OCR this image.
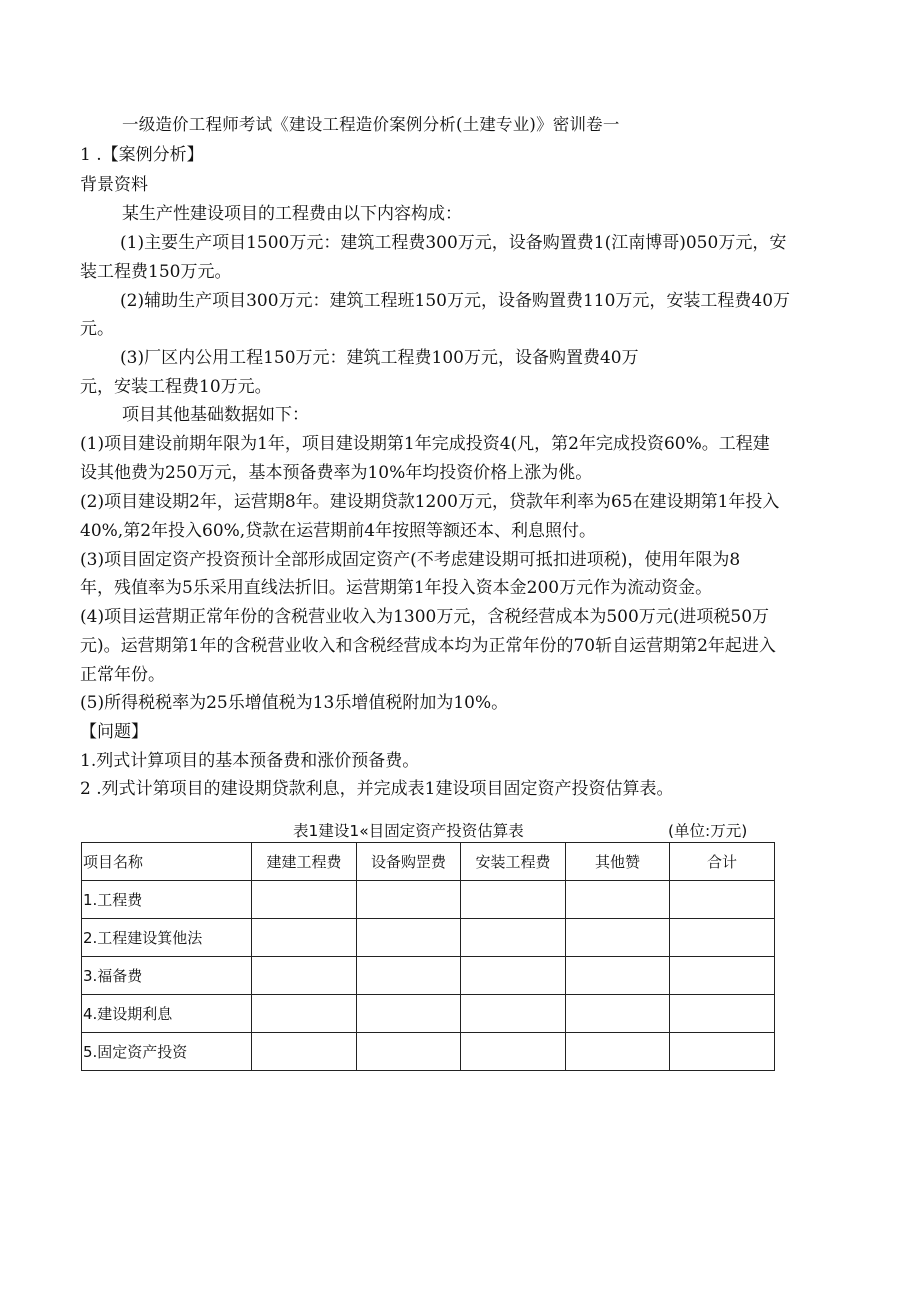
一级造价工程师考试《建设工程造价案例分析(土建专业)》密训卷一
1 .【案例分析】
背景资料
某生产性建设项目的工程费由以下内容构成：
(1)主要生产项目1500万元：建筑工程费300万元，设备购置费1(江南博哥)050万元，安
装工程费150万元。
(2)辅助生产项目300万元：建筑工程班150万元，设备购置费110万元，安装工程费40万
元。
(3)厂区内公用工程150万元：建筑工程费100万元，设备购置费40万
元，安装工程费10万元。
项目其他基础数据如下：
(1)项目建设前期年限为1年，项目建设期第1年完成投资4(凡，第2年完成投资60%。工程建
设其他费为250万元，基本预备费率为10%年均投资价格上涨为佻。
(2)项目建设期2年，运营期8年。建设期贷款1200万元，贷款年利率为65在建设期第1年投入
40%,第2年投入60%,贷款在运营期前4年按照等额还本、利息照付。
(3)项目固定资产投资预计全部形成固定资产(不考虑建设期可抵扣进项税)，使用年限为8
年，残值率为5乐采用直线法折旧。运营期第1年投入资本金200万元作为流动资金。
(4)项目运营期正常年份的含税营业收入为1300万元，含税经营成本为500万元(进项税50万
元)。运营期第1年的含税营业收入和含税经营成本均为正常年份的70斩自运营期第2年起进入
正常年份。
(5)所得税税率为25乐增值税为13乐增值税附加为10%。
【问题】
1.列式计算项目的基本预备费和涨价预备费。
2 .列式计第项目的建设期贷款利息，并完成表1建设项目固定资产投资估算表。
表1建设1«目固定资产投资估算表	(单位:万元)
项目名称	建建工程费	设备购罡费	安装工程费	其他赞	合计
1.工程费					
2.工程建设箕他法					
3.福备费					
4.建设期利息					
5.固定资产投资					
